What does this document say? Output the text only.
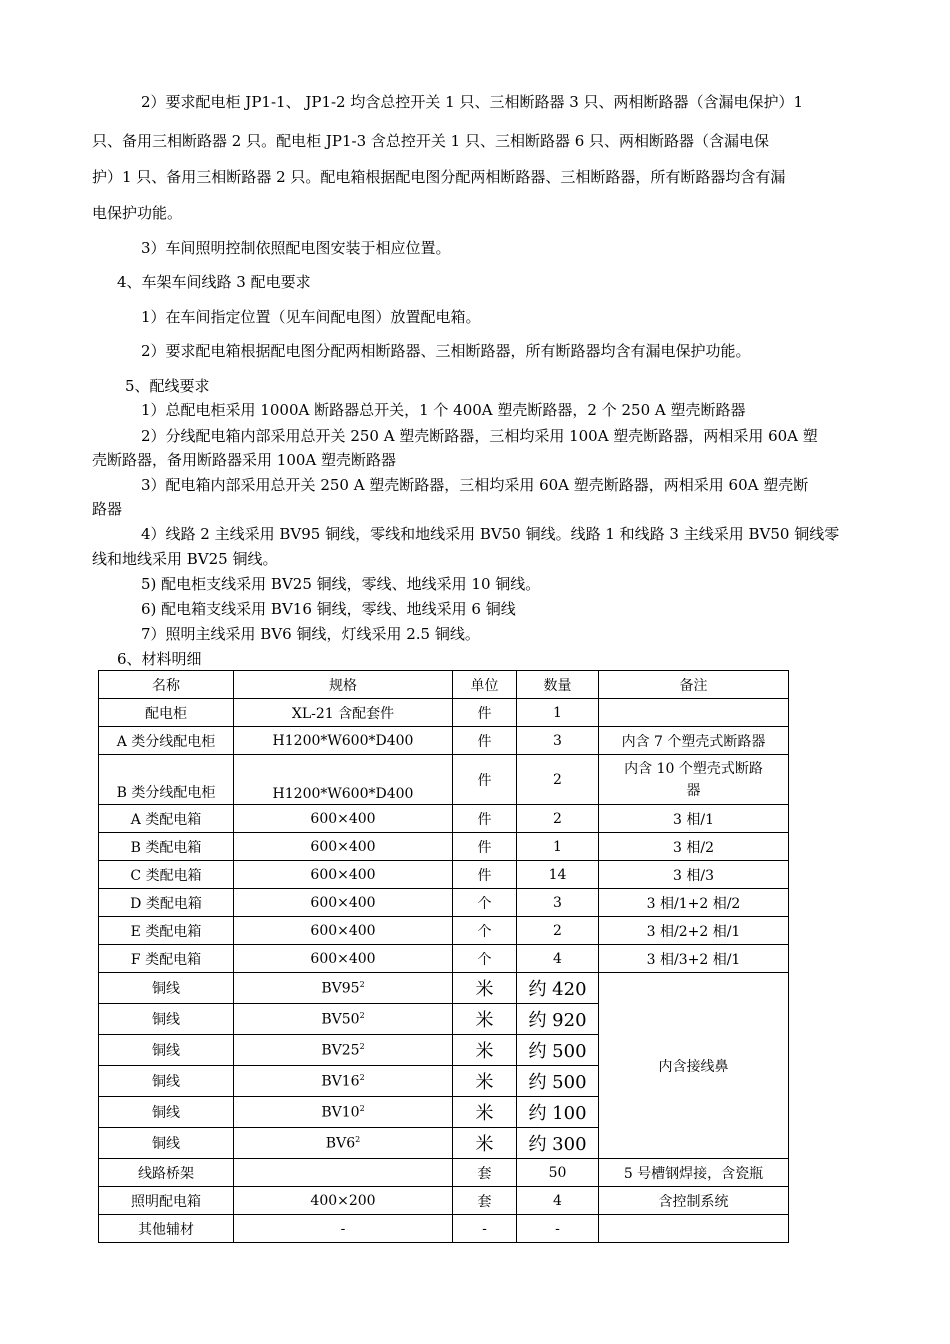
2）要求配电柜 JP1-1、 JP1-2 均含总控开关 1 只、三相断路器 3 只、两相断路器（含漏电保护）1
只、备用三相断路器 2 只。配电柜 JP1-3 含总控开关 1 只、三相断路器 6 只、两相断路器（含漏电保
护）1 只、备用三相断路器 2 只。配电箱根据配电图分配两相断路器、三相断路器，所有断路器均含有漏
电保护功能。
3）车间照明控制依照配电图安装于相应位置。
4、车架车间线路 3 配电要求
1）在车间指定位置（见车间配电图）放置配电箱。
2）要求配电箱根据配电图分配两相断路器、三相断路器，所有断路器均含有漏电保护功能。
5、配线要求
1）总配电柜采用 1000A 断路器总开关，1 个 400A 塑壳断路器，2 个 250 A 塑壳断路器
2）分线配电箱内部采用总开关 250 A 塑壳断路器，三相均采用 100A 塑壳断路器，两相采用 60A 塑
壳断路器，备用断路器采用 100A 塑壳断路器
3）配电箱内部采用总开关 250 A 塑壳断路器，三相均采用 60A 塑壳断路器，两相采用 60A 塑壳断
路器
4）线路 2 主线采用 BV95 铜线，零线和地线采用 BV50 铜线。线路 1 和线路 3 主线采用 BV50 铜线零
线和地线采用 BV25 铜线。
5) 配电柜支线采用 BV25 铜线，零线、地线采用 10 铜线。
6) 配电箱支线采用 BV16 铜线，零线、地线采用 6 铜线
7）照明主线采用 BV6 铜线，灯线采用 2.5 铜线。
6、材料明细
名称	规格	单位	数量	备注
配电柜	XL-21 含配套件	件	1	
A 类分线配电柜	H1200*W600*D400	件	3	内含 7 个塑壳式断路器
B 类分线配电柜	H1200*W600*D400	件	2	内含 10 个塑壳式断路
器

A 类配电箱	600×400	件	2	3 相/1
B 类配电箱	600×400	件	1	3 相/2
C 类配电箱	600×400	件	14	3 相/3
D 类配电箱	600×400	个	3	3 相/1+2 相/2
E 类配电箱	600×400	个	2	3 相/2+2 相/1
F 类配电箱	600×400	个	4	3 相/3+2 相/1
铜线	$BV95^2$	米	约 420	内含接线鼻
铜线	$BV50^2$	米	约 920	
铜线	$BV25^2$	米	约 500	
铜线	$BV16^2$	米	约 500	
铜线	$BV10^2$	米	约 100	
铜线	$BV6^2$	米	约 300	
线路桥架		套	50	5 号槽钢焊接，含瓷瓶
照明配电箱	400×200	套	4	含控制系统
其他辅材	-	-	-	
